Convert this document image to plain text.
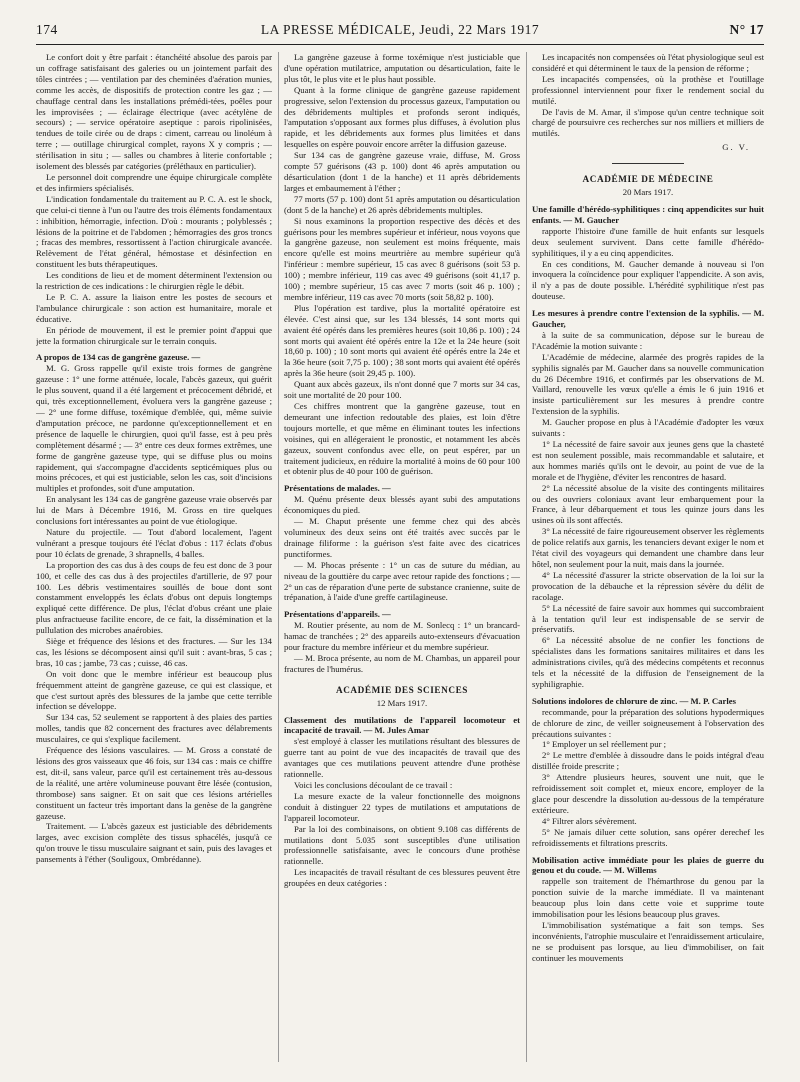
174	LA PRESSE MÉDICALE, Jeudi, 22 Mars 1917	N° 17

Le confort doit y être parfait : étanchéité absolue des parois par un coffrage satisfaisant des galeries ou un jointement parfait des tôles cintrées ; — ventilation par des cheminées d'aération munies, comme les accès, de dispositifs de protection contre les gaz ; — chauffage central dans les installations prémédi-tées, poêles pour les improvisées ; — éclairage électrique (avec acétylène de secours) ; — service opératoire aseptique : parois ripolinisées, tendues de toile cirée ou de draps : ciment, carreau ou linoléum à terre ; — outillage chirurgical complet, rayons X y compris ; — stérilisation in situ ; — salles ou chambres à literie confortable ; isolement des blessés par catégories (préléthaux en particulier).

Le personnel doit comprendre une équipe chirurgicale complète et des infirmiers spécialisés.

L'indication fondamentale du traitement au P. C. A. est le shock, que celui-ci tienne à l'un ou l'autre des trois éléments fondamentaux : inhibition, hémorragie, infection. D'où : mourants ; polyblessés ; lésions de la poitrine et de l'abdomen ; hémorragies des gros troncs ; fracas des membres, ressortissent à l'action chirurgicale avancée. Relèvement de l'état général, hémostase et désinfection en constituent les buts thérapeutiques.

Les conditions de lieu et de moment déterminent l'extension ou la restriction de ces indications : le chirurgien règle le débit.

Le P. C. A. assure la liaison entre les postes de secours et l'ambulance chirurgicale : son action est humanitaire, morale et éducative.

En période de mouvement, il est le premier point d'appui que jette la formation chirurgicale sur le terrain conquis.

A propos de 134 cas de gangrène gazeuse. —

M. G. Gross rappelle qu'il existe trois formes de gangrène gazeuse : 1° une forme atténuée, locale, l'abcès gazeux, qui guérit le plus souvent, quand il a été largement et précocement débridé, et qui, très exceptionnellement, évoluera vers la gangrène gazeuse ; — 2° une forme diffuse, toxémique d'emblée, qui, même suivie d'amputation précoce, ne pardonne qu'exceptionnellement et en présence de laquelle le chirurgien, quoi qu'il fasse, est à peu près complètement désarmé ; — 3° entre ces deux formes extrêmes, une forme de gangrène gazeuse type, qui se diffuse plus ou moins rapidement, qui s'accompagne d'accidents septicémiques plus ou moins précoces, et qui est justiciable, selon les cas, soit d'incisions multiples et profondes, soit d'une amputation.

En analysant les 134 cas de gangrène gazeuse vraie observés par lui de Mars à Décembre 1916, M. Gross en tire quelques conclusions fort intéressantes au point de vue étiologique.

Nature du projectile. — Tout d'abord localement, l'agent vulnérant a presque toujours été l'éclat d'obus : 117 éclats d'obus pour 10 éclats de grenade, 3 shrapnells, 4 balles.

La proportion des cas dus à des coups de feu est donc de 3 pour 100, et celle des cas dus à des projectiles d'artillerie, de 97 pour 100. Les débris vestimentaires souillés de boue dont sont constamment enveloppés les éclats d'obus ont depuis longtemps expliqué cette différence. De plus, l'éclat d'obus créant une plaie plus anfractueuse facilite encore, de ce fait, la dissémination et la pullulation des microbes anaérobies.

Siège et fréquence des lésions et des fractures. — Sur les 134 cas, les lésions se décomposent ainsi qu'il suit : avant-bras, 5 cas ; bras, 10 cas ; jambe, 73 cas ; cuisse, 46 cas.

On voit donc que le membre inférieur est beaucoup plus fréquemment atteint de gangrène gazeuse, ce qui est classique, et que c'est surtout après des blessures de la jambe que cette terrible infection se développe.

Sur 134 cas, 52 seulement se rapportent à des plaies des parties molles, tandis que 82 concernent des fractures avec délabrements musculaires, ce qui s'explique facilement.

Fréquence des lésions vasculaires. — M. Gross a constaté de lésions des gros vaisseaux que 46 fois, sur 134 cas : mais ce chiffre est, dit-il, sans valeur, parce qu'il est certainement très au-dessous de la réalité, une artère volumineuse pouvant être lésée (contusion, thrombose) sans saigner. Et on sait que ces lésions artérielles constituent un facteur très important dans la genèse de la gangrène gazeuse.

Traitement. — L'abcès gazeux est justiciable des débridements larges, avec excision complète des tissus sphacélés, jusqu'à ce qu'on trouve le tissu musculaire saignant et sain, puis des lavages et pansements à l'éther (Souligoux, Ombrédanne).

La gangrène gazeuse à forme toxémique n'est justiciable que d'une opération mutilatrice, amputation ou désarticulation, faite le plus tôt, le plus vite et le plus haut possible.

Quant à la forme clinique de gangrène gazeuse rapidement progressive, selon l'extension du processus gazeux, l'amputation ou des débridements multiples et profonds seront indiqués, l'amputation s'opposant aux formes plus diffuses, à évolution plus rapide, et les débridements aux formes plus limitées et dans lesquelles on espère pouvoir encore arrêter la diffusion gazeuse.

Sur 134 cas de gangrène gazeuse vraie, diffuse, M. Gross compte 57 guérisons (43 p. 100) dont 46 après amputation ou désarticulation (dont 1 de la hanche) et 11 après débridements larges et embaumement à l'éther ;

77 morts (57 p. 100) dont 51 après amputation ou désarticulation (dont 5 de la hanche) et 26 après débridements multiples.

Si nous examinons la proportion respective des décès et des guérisons pour les membres supérieur et inférieur, nous voyons que la gangrène gazeuse, non seulement est moins fréquente, mais encore qu'elle est moins meurtrière au membre supérieur qu'à l'inférieur : membre supérieur, 15 cas avec 8 guérisons (soit 53 p. 100) ; membre inférieur, 119 cas avec 49 guérisons (soit 41,17 p. 100) ; membre supérieur, 15 cas avec 7 morts (soit 46 p. 100) ; membre inférieur, 119 cas avec 70 morts (soit 58,82 p. 100).

Plus l'opération est tardive, plus la mortalité opératoire est élevée. C'est ainsi que, sur les 134 blessés, 14 sont morts qui avaient été opérés dans les premières heures (soit 10,86 p. 100) ; 24 sont morts qui avaient été opérés entre la 12e et la 24e heure (soit 18,60 p. 100) ; 10 sont morts qui avaient été opérés entre la 24e et la 36e heure (soit 7,75 p. 100) ; 38 sont morts qui avaient été opérés après la 36e heure (soit 29,45 p. 100).

Quant aux abcès gazeux, ils n'ont donné que 7 morts sur 34 cas, soit une mortalité de 20 pour 100.

Ces chiffres montrent que la gangrène gazeuse, tout en demeurant une infection redoutable des plaies, est loin d'être toujours mortelle, et que même en éliminant toutes les infections voisines, qui en allégeraient le pronostic, et notamment les abcès gazeux, souvent confondus avec elle, on peut espérer, par un traitement judicieux, en réduire la mortalité à moins de 60 pour 100 et obtenir plus de 40 pour 100 de guérison.

Présentations de malades. —

M. Quénu présente deux blessés ayant subi des amputations économiques du pied.

— M. Chaput présente une femme chez qui des abcès volumineux des deux seins ont été traités avec succès par le drainage filiforme : la guérison s'est faite avec des cicatrices punctiformes.

— M. Phocas présente : 1° un cas de suture du médian, au niveau de la gouttière du carpe avec retour rapide des fonctions ; — 2° un cas de réparation d'une perte de substance cranienne, suite de trépanation, à l'aide d'une greffe cartilagineuse.

Présentations d'appareils. —

M. Routier présente, au nom de M. Sonlecq : 1° un brancard-hamac de tranchées ; 2° des appareils auto-extenseurs d'évacuation pour fracture du membre inférieur et du membre supérieur.

— M. Broca présente, au nom de M. Chambas, un appareil pour fractures de l'humérus.

ACADÉMIE DES SCIENCES

12 Mars 1917.

Classement des mutilations de l'appareil locomoteur et incapacité de travail. — M. Jules Amar

s'est employé à classer les mutilations résultant des blessures de guerre tant au point de vue des incapacités de travail que des avantages que ces mutilations peuvent attendre d'une prothèse rationnelle.

Voici les conclusions découlant de ce travail :

La mesure exacte de la valeur fonctionnelle des moignons conduit à distinguer 22 types de mutilations et amputations de l'appareil locomoteur.

Par la loi des combinaisons, on obtient 9.108 cas différents de mutilations dont 5.035 sont susceptibles d'une utilisation professionnelle satisfaisante, avec le concours d'une prothèse rationnelle.

Les incapacités de travail résultant de ces blessures peuvent être groupées en deux catégories :

Les incapacités non compensées où l'état physiologique seul est considéré et qui déterminent le taux de la pension de réforme ;

Les incapacités compensées, où la prothèse et l'outillage professionnel interviennent pour fixer le rendement social du mutilé.

De l'avis de M. Amar, il s'impose qu'un centre technique soit chargé de poursuivre ces recherches sur nos milliers et milliers de mutilés.

G. V.

ACADÉMIE DE MÉDECINE

20 Mars 1917.

Une famille d'hérédo-syphilitiques : cinq appendicites sur huit enfants. — M. Gaucher

rapporte l'histoire d'une famille de huit enfants sur lesquels deux seulement survivent. Dans cette famille d'hérédo-syphilitiques, il y a eu cinq appendicites.

En ces conditions, M. Gaucher demande à nouveau si l'on invoquera la coïncidence pour expliquer l'appendicite. A son avis, il n'y a pas de doute possible. L'hérédité syphilitique n'est pas douteuse.

Les mesures à prendre contre l'extension de la syphilis. — M. Gaucher,

à la suite de sa communication, dépose sur le bureau de l'Académie la motion suivante :

L'Académie de médecine, alarmée des progrès rapides de la syphilis signalés par M. Gaucher dans sa nouvelle communication du 26 Décembre 1916, et confirmés par les observations de M. Vaillard, renouvelle les vœux qu'elle a émis le 6 juin 1916 et insiste particulièrement sur les mesures à prendre contre l'extension de la syphilis.

M. Gaucher propose en plus à l'Académie d'adopter les vœux suivants :

1° La nécessité de faire savoir aux jeunes gens que la chasteté est non seulement possible, mais recommandable et salutaire, et aux hommes mariés qu'ils ont le devoir, au point de vue de la morale et de l'hygiène, d'éviter les rencontres de hasard.

2° La nécessité absolue de la visite des contingents militaires ou des ouvriers coloniaux avant leur embarquement pour la France, à leur débarquement et tous les quinze jours dans les usines où ils sont affectés.

3° La nécessité de faire rigoureusement observer les règlements de police relatifs aux garnis, les tenanciers devant exiger le nom et l'état civil des voyageurs qui demandent une chambre dans leur hôtel, non seulement pour la nuit, mais dans la journée.

4° La nécessité d'assurer la stricte observation de la loi sur la provocation de la débauche et la répression sévère du délit de racolage.

5° La nécessité de faire savoir aux hommes qui succombraient à la tentation qu'il leur est indispensable de se servir de préservatifs.

6° La nécessité absolue de ne confier les fonctions de spécialistes dans les formations sanitaires militaires et dans les administrations civiles, qu'à des médecins compétents et reconnus tels et la nécessité de la diffusion de l'enseignement de la syphiligraphie.

Solutions indolores de chlorure de zinc. — M. P. Carles

recommande, pour la préparation des solutions hypodermiques de chlorure de zinc, de veiller soigneusement à l'observation des précautions suivantes :

1° Employer un sel réellement pur ;

2° Le mettre d'emblée à dissoudre dans le poids intégral d'eau distillée froide prescrite ;

3° Attendre plusieurs heures, souvent une nuit, que le refroidissement soit complet et, mieux encore, employer de la glace pour descendre la dissolution au-dessous de la température extérieure.

4° Filtrer alors sévèrement.

5° Ne jamais diluer cette solution, sans opérer derechef les refroidissements et filtrations prescrits.

Mobilisation active immédiate pour les plaies de guerre du genou et du coude. — M. Willems

rappelle son traitement de l'hémarthrose du genou par la ponction suivie de la marche immédiate. Il va maintenant beaucoup plus loin dans cette voie et supprime toute immobilisation pour les lésions beaucoup plus graves.

L'immobilisation systématique a fait son temps. Ses inconvénients, l'atrophie musculaire et l'enraidissement articulaire, ne se produisent pas lorsque, au lieu d'immobiliser, on fait continuer les mouvements
